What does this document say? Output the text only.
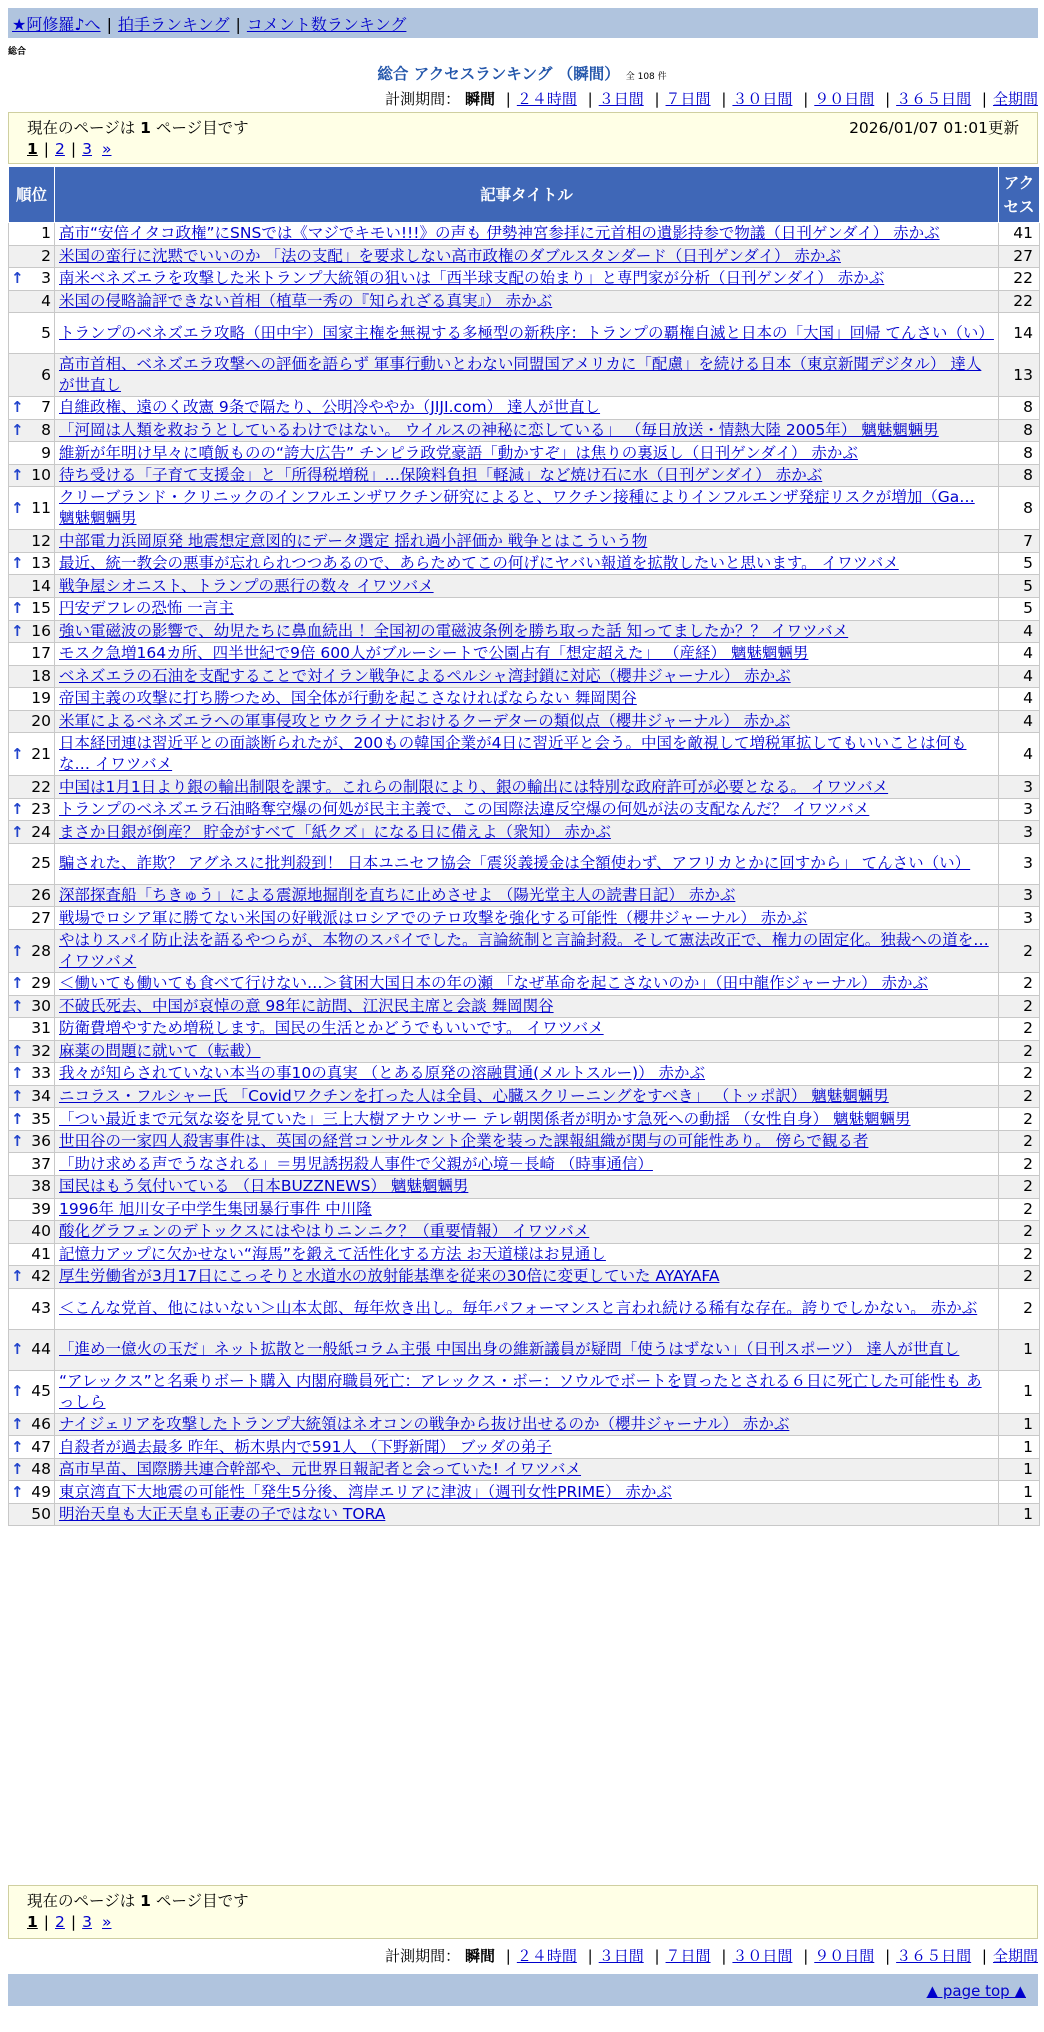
★阿修羅♪へ | 拍手ランキング | コメント数ランキング
総合
総合 アクセスランキング （瞬間） 全 108 件
計測期間： 瞬間 | ２４時間 | ３日間 | ７日間 | ３０日間 | ９０日間 | ３６５日間 | 全期間
現在のページは 1 ページ目です	2026/01/07 01:01更新
1 | 2 | 3 »
順位	記事タイトル	アクセス
1	高市“安倍イタコ政権”にSNSでは《マジでキモい!!!》の声も 伊勢神宮参拝に元首相の遺影持参で物議（日刊ゲンダイ） 赤かぶ	41
2	米国の蛮行に沈黙でいいのか 「法の支配」を要求しない高市政権のダブルスタンダード（日刊ゲンダイ） 赤かぶ	27

↑ 3	南米ベネズエラを攻撃した米トランプ大統領の狙いは「西半球支配の始まり」と専門家が分析（日刊ゲンダイ） 赤かぶ	22
4	米国の侵略論評できない首相（植草一秀の『知られざる真実』） 赤かぶ	22
5	トランプのベネズエラ攻略（田中宇）国家主権を無視する多極型の新秩序：トランプの覇権自滅と日本の「大国」回帰 てんさい（い）	14
6	高市首相、ベネズエラ攻撃への評価を語らず 軍事行動いとわない同盟国アメリカに「配慮」を続ける日本（東京新聞デジタル） 達人が世直し	13

↑ 7	自維政権、遠のく改憲 9条で隔たり、公明冷ややか（JIJI.com） 達人が世直し	8

↑ 8	「河岡は人類を救おうとしているわけではない。 ウイルスの神秘に恋している」 （毎日放送・情熱大陸 2005年） 魑魅魍魎男	8
9	維新が年明け早々に噴飯ものの“誇大広告” チンピラ政党豪語「動かすぞ」は焦りの裏返し（日刊ゲンダイ） 赤かぶ	8

↑ 10	待ち受ける「子育て支援金」と「所得税増税」…保険料負担「軽減」など焼け石に水（日刊ゲンダイ） 赤かぶ	8

↑ 11	クリーブランド・クリニックのインフルエンザワクチン研究によると、ワクチン接種によりインフルエンザ発症リスクが増加（Ga… 魑魅魍魎男	8
12	中部電力浜岡原発 地震想定意図的にデータ選定 揺れ過小評価か 戦争とはこういう物	7

↑ 13	最近、統一教会の悪事が忘れられつつあるので、あらためてこの何げにヤバい報道を拡散したいと思います。 イワツバメ	5
14	戦争屋シオニスト、トランプの悪行の数々 イワツバメ	5

↑ 15	円安デフレの恐怖 一言主	5

↑ 16	強い電磁波の影響で、幼児たちに鼻血続出 ！全国初の電磁波条例を勝ち取った話 知ってましたか？？ イワツバメ	4
17	モスク急増164カ所、四半世紀で9倍 600人がブルーシートで公園占有「想定超えた」 （産経） 魑魅魍魎男	4
18	ベネズエラの石油を支配することで対イラン戦争によるペルシャ湾封鎖に対応（櫻井ジャーナル） 赤かぶ	4
19	帝国主義の攻撃に打ち勝つため、国全体が行動を起こさなければならない 舞岡関谷	4
20	米軍によるベネズエラへの軍事侵攻とウクライナにおけるクーデターの類似点（櫻井ジャーナル） 赤かぶ	4

↑ 21	日本経団連は習近平との面談断られたが、200もの韓国企業が4日に習近平と会う。中国を敵視して増税軍拡してもいいことは何もな… イワツバメ	4
22	中国は1月1日より銀の輸出制限を課す。これらの制限により、銀の輸出には特別な政府許可が必要となる。 イワツバメ	3

↑ 23	トランプのベネズエラ石油略奪空爆の何処が民主主義で、この国際法違反空爆の何処が法の支配なんだ？ イワツバメ	3

↑ 24	まさか日銀が倒産？ 貯金がすべて「紙クズ」になる日に備えよ（衆知） 赤かぶ	3
25	騙された、詐欺？ アグネスに批判殺到！ 日本ユニセフ協会「震災義援金は全額使わず、アフリカとかに回すから」 てんさい（い）	3
26	深部探査船「ちきゅう」による震源地掘削を直ちに止めさせよ （陽光堂主人の読書日記） 赤かぶ	3
27	戦場でロシア軍に勝てない米国の好戦派はロシアでのテロ攻撃を強化する可能性（櫻井ジャーナル） 赤かぶ	3

↑ 28	やはりスパイ防止法を語るやつらが、本物のスパイでした。言論統制と言論封殺。そして憲法改正で、権力の固定化。独裁への道を… イワツバメ	2

↑ 29	＜働いても働いても食べて行けない…＞貧困大国日本の年の瀬 「なぜ革命を起こさないのか」（田中龍作ジャーナル） 赤かぶ	2

↑ 30	不破氏死去、中国が哀悼の意 98年に訪問、江沢民主席と会談 舞岡関谷	2
31	防衛費増やすため増税します。国民の生活とかどうでもいいです。 イワツバメ	2

↑ 32	麻薬の問題に就いて（転載）	2

↑ 33	我々が知らされていない本当の事10の真実 （とある原発の溶融貫通(メルトスルー)） 赤かぶ	2

↑ 34	ニコラス・フルシャー氏 「Covidワクチンを打った人は全員、心臓スクリーニングをすべき」 （トッポ訳） 魑魅魍魎男	2

↑ 35	「つい最近まで元気な姿を見ていた」三上大樹アナウンサー テレ朝関係者が明かす急死への動揺 （女性自身） 魑魅魍魎男	2

↑ 36	世田谷の一家四人殺害事件は、英国の経営コンサルタント企業を装った課報組織が関与の可能性あり。 傍らで観る者	2
37	「助け求める声でうなされる」＝男児誘拐殺人事件で父親が心境－長崎 （時事通信）	2
38	国民はもう気付いている （日本BUZZNEWS） 魑魅魍魎男	2
39	1996年 旭川女子中学生集団暴行事件 中川隆	2
40	酸化グラフェンのデトックスにはやはりニンニク？（重要情報） イワツバメ	2
41	記憶力アップに欠かせない“海馬”を鍛えて活性化する方法 お天道様はお見通し	2

↑ 42	厚生労働省が3月17日にこっそりと水道水の放射能基準を従来の30倍に変更していた AYAYAFA	2
43	＜こんな党首、他にはいない＞山本太郎、毎年炊き出し。毎年パフォーマンスと言われ続ける稀有な存在。誇りでしかない。 赤かぶ	2

↑ 44	「進め一億火の玉だ」ネット拡散と一般紙コラム主張 中国出身の維新議員が疑問「使うはずない」（日刊スポーツ） 達人が世直し	1

↑ 45	“アレックス”と名乗りボート購入 内閣府職員死亡：アレックス・ボー：ソウルでボートを買ったとされる６日に死亡した可能性も あっしら	1

↑ 46	ナイジェリアを攻撃したトランプ大統領はネオコンの戦争から抜け出せるのか（櫻井ジャーナル） 赤かぶ	1

↑ 47	自殺者が過去最多 昨年、栃木県内で591人 （下野新聞） ブッダの弟子	1

↑ 48	高市早苗、国際勝共連合幹部や、元世界日報記者と会っていた! イワツバメ	1

↑ 49	東京湾直下大地震の可能性「発生5分後、湾岸エリアに津波」（週刊女性PRIME） 赤かぶ	1
50	明治天皇も大正天皇も正妻の子ではない TORA	1
現在のページは 1 ページ目です
1 | 2 | 3 »
計測期間： 瞬間 | ２４時間 | ３日間 | ７日間 | ３０日間 | ９０日間 | ３６５日間 | 全期間
▲ page top ▲
